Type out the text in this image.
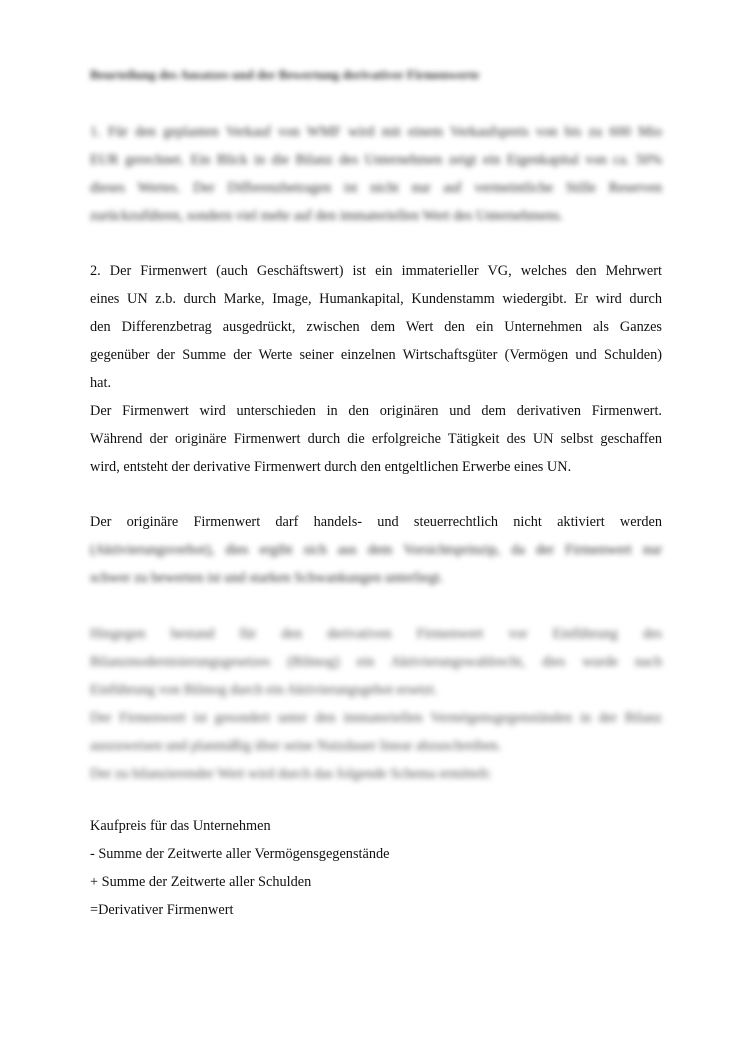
Beurteilung des Ansatzes und der Bewertung derivativer Firmenwerte
1. Für den geplanten Verkauf von WMF wird mit einem Verkaufspreis von bis zu 600 Mio
EUR gerechnet. Ein Blick in die Bilanz des Unternehmen zeigt ein Eigenkapital von ca. 50%
dieses Wertes. Der Differenzbetragen ist nicht nur auf vermeintliche Stille Reserven
zurückzuführen, sondern viel mehr auf den immateriellen Wert des Unternehmens.
2. Der Firmenwert (auch Geschäftswert) ist ein immaterieller VG, welches den Mehrwert
eines UN z.b. durch Marke, Image, Humankapital, Kundenstamm wiedergibt. Er wird durch
den Differenzbetrag ausgedrückt, zwischen dem Wert den ein Unternehmen als Ganzes
gegenüber der Summe der Werte seiner einzelnen Wirtschaftsgüter (Vermögen und Schulden)
hat.
Der Firmenwert wird unterschieden in den originären und dem derivativen Firmenwert.
Während der originäre Firmenwert durch die erfolgreiche Tätigkeit des UN selbst geschaffen
wird, entsteht der derivative Firmenwert durch den entgeltlichen Erwerbe eines UN.
Der originäre Firmenwert darf handels- und steuerrechtlich nicht aktiviert werden
(Aktivierungsverbot), dies ergibt sich aus dem Vorsichtsprinzip, da der Firmenwert nur
schwer zu bewerten ist und starken Schwankungen unterliegt.
Hingegen bestand für den derivativen Firmenwert vor Einführung des
Bilanzmodernisierungsgesetzes (Bilmog) ein Aktivierungswahlrecht, dies wurde nach
Einführung von Bilmog durch ein Aktivierungsgebot ersetzt.
Der Firmenwert ist gesondert unter den immateriellen Vermögensgegenständen in der Bilanz
auszuweisen und planmäßig über seine Nutzdauer linear abzuschreiben.
Der zu bilanzierender Wert wird durch das folgende Schema ermittelt:
Kaufpreis für das Unternehmen
- Summe der Zeitwerte aller Vermögensgegenstände
+ Summe der Zeitwerte aller Schulden
=Derivativer Firmenwert
